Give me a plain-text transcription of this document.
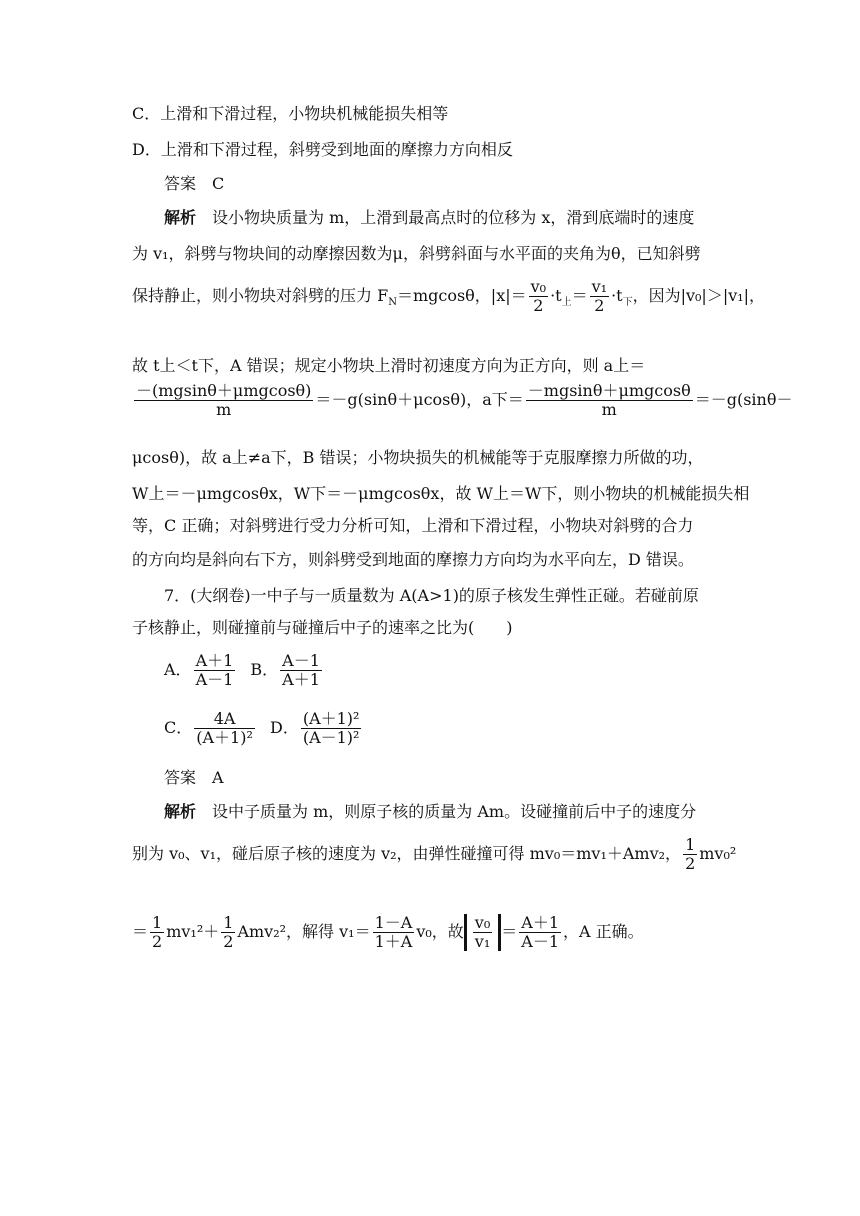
C．上滑和下滑过程，小物块机械能损失相等
D．上滑和下滑过程，斜劈受到地面的摩擦力方向相反
答案　C
解析　设小物块质量为 m，上滑到最高点时的位移为 x，滑到底端时的速度
为 v₁，斜劈与物块间的动摩擦因数为μ，斜劈斜面与水平面的夹角为θ，已知斜劈
保持静止，则小物块对斜劈的压力 $F_N=mgcos\theta$，$|x|= \frac{\text{v₀}}{2} \cdot t_上= \frac{\text{v₁}}{2} \cdot t_下$，因为|v₀|＞|v₁|，
故 t上＜t下，A 错误；规定小物块上滑时初速度方向为正方向，则 a上＝
$\frac{\text{－(mgsinθ＋μmgcosθ)}}{m} =-g(\sin\theta+\mu\cos\theta)$，a下＝ $\frac{\text{－mgsinθ＋μmgcosθ}}{m} =-g(\sin\theta-$
μcosθ)，故 a上≠a下，B 错误；小物块损失的机械能等于克服摩擦力所做的功，
W上＝－μmgcosθx，W下＝－μmgcosθx，故 W上＝W下，则小物块的机械能损失相
等，C 正确；对斜劈进行受力分析可知，上滑和下滑过程，小物块对斜劈的合力
的方向均是斜向右下方，则斜劈受到地面的摩擦力方向均为水平向左，D 错误。
7．(大纲卷)一中子与一质量数为 A(A>1)的原子核发生弹性正碰。若碰前原
子核静止，则碰撞前与碰撞后中子的速率之比为(　　)
A． $\frac{A+1}{A-1}$ B． $\frac{A-1}{A+1}$
C． $\frac{4A}{\text{(A＋1)²}}$ D． $\frac{\text{(A＋1)²}}{\text{(A－1)²}}$
答案　A
解析　设中子质量为 m，则原子核的质量为 Am。设碰撞前后中子的速度分
别为 v₀、v₁，碰后原子核的速度为 v₂，由弹性碰撞可得 mv₀＝mv₁＋Amv₂， $\frac{1}{2} mv_0^2$
＝ $\frac{1}{2} mv_1^2+ \frac{1}{2} Amv_2^2$，解得 $v_1= \frac{1-A}{1+A} v_0$，故 $\frac{\text{v₀}}{\text{v₁}} = \frac{A+1}{A-1}$ ，A 正确。
